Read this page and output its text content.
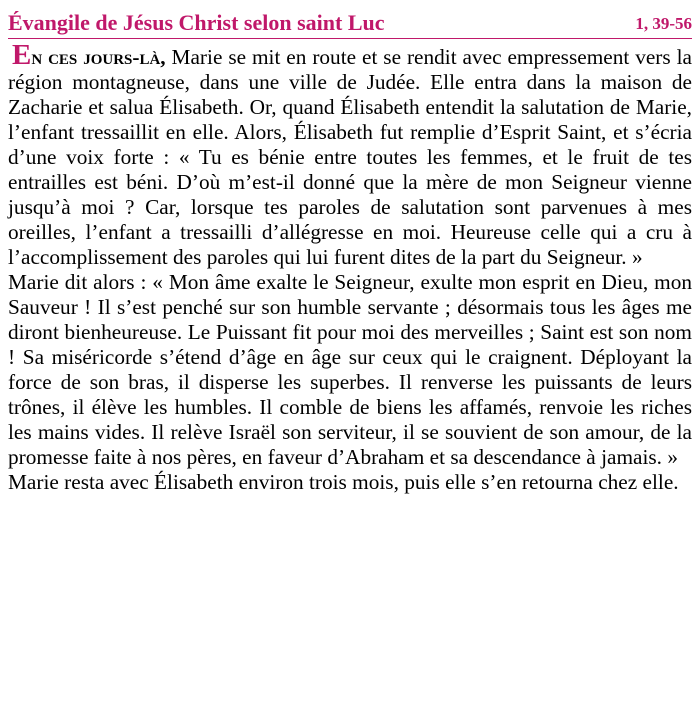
Évangile de Jésus Christ selon saint Luc	1, 39-56

En ces jours-là, Marie se mit en route et se rendit avec empressement vers la région montagneuse, dans une ville de Judée. Elle entra dans la maison de Zacharie et salua Élisabeth. Or, quand Élisabeth entendit la salutation de Marie, l’enfant tressaillit en elle. Alors, Élisabeth fut remplie d’Esprit Saint, et s’écria d’une voix forte : « Tu es bénie entre toutes les femmes, et le fruit de tes entrailles est béni. D’où m’est-il donné que la mère de mon Seigneur vienne jusqu’à moi ? Car, lorsque tes paroles de salutation sont parvenues à mes oreilles, l’enfant a tressailli d’allégresse en moi. Heureuse celle qui a cru à l’accomplissement des paroles qui lui furent dites de la part du Seigneur. »

Marie dit alors : « Mon âme exalte le Seigneur, exulte mon esprit en Dieu, mon Sauveur ! Il s’est penché sur son humble servante ; désormais tous les âges me diront bienheureuse. Le Puissant fit pour moi des merveilles ; Saint est son nom ! Sa miséricorde s’étend d’âge en âge sur ceux qui le craignent. Déployant la force de son bras, il disperse les superbes. Il renverse les puissants de leurs trônes, il élève les humbles. Il comble de biens les affamés, renvoie les riches les mains vides. Il relève Israël son serviteur, il se souvient de son amour, de la promesse faite à nos pères, en faveur d’Abraham et sa descendance à jamais. »

Marie resta avec Élisabeth environ trois mois, puis elle s’en retourna chez elle.
